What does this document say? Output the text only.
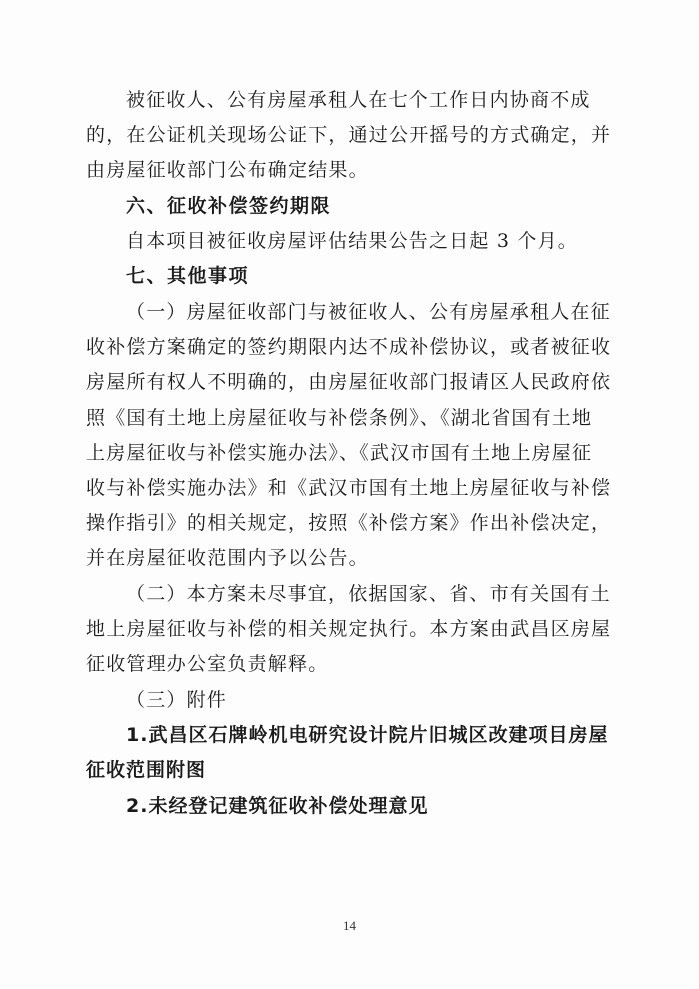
被征收人、公有房屋承租人在七个工作日内协商不成
的，在公证机关现场公证下，通过公开摇号的方式确定，并
由房屋征收部门公布确定结果。
六、征收补偿签约期限
自本项目被征收房屋评估结果公告之日起 3 个月。
七、其他事项
（一）房屋征收部门与被征收人、公有房屋承租人在征
收补偿方案确定的签约期限内达不成补偿协议，或者被征收
房屋所有权人不明确的，由房屋征收部门报请区人民政府依
照《国有土地上房屋征收与补偿条例》、《湖北省国有土地
上房屋征收与补偿实施办法》、《武汉市国有土地上房屋征
收与补偿实施办法》和《武汉市国有土地上房屋征收与补偿
操作指引》的相关规定，按照《补偿方案》作出补偿决定，
并在房屋征收范围内予以公告。
（二）本方案未尽事宜，依据国家、省、市有关国有土
地上房屋征收与补偿的相关规定执行。本方案由武昌区房屋
征收管理办公室负责解释。
（三）附件
1.武昌区石牌岭机电研究设计院片旧城区改建项目房屋
征收范围附图
2.未经登记建筑征收补偿处理意见
14
